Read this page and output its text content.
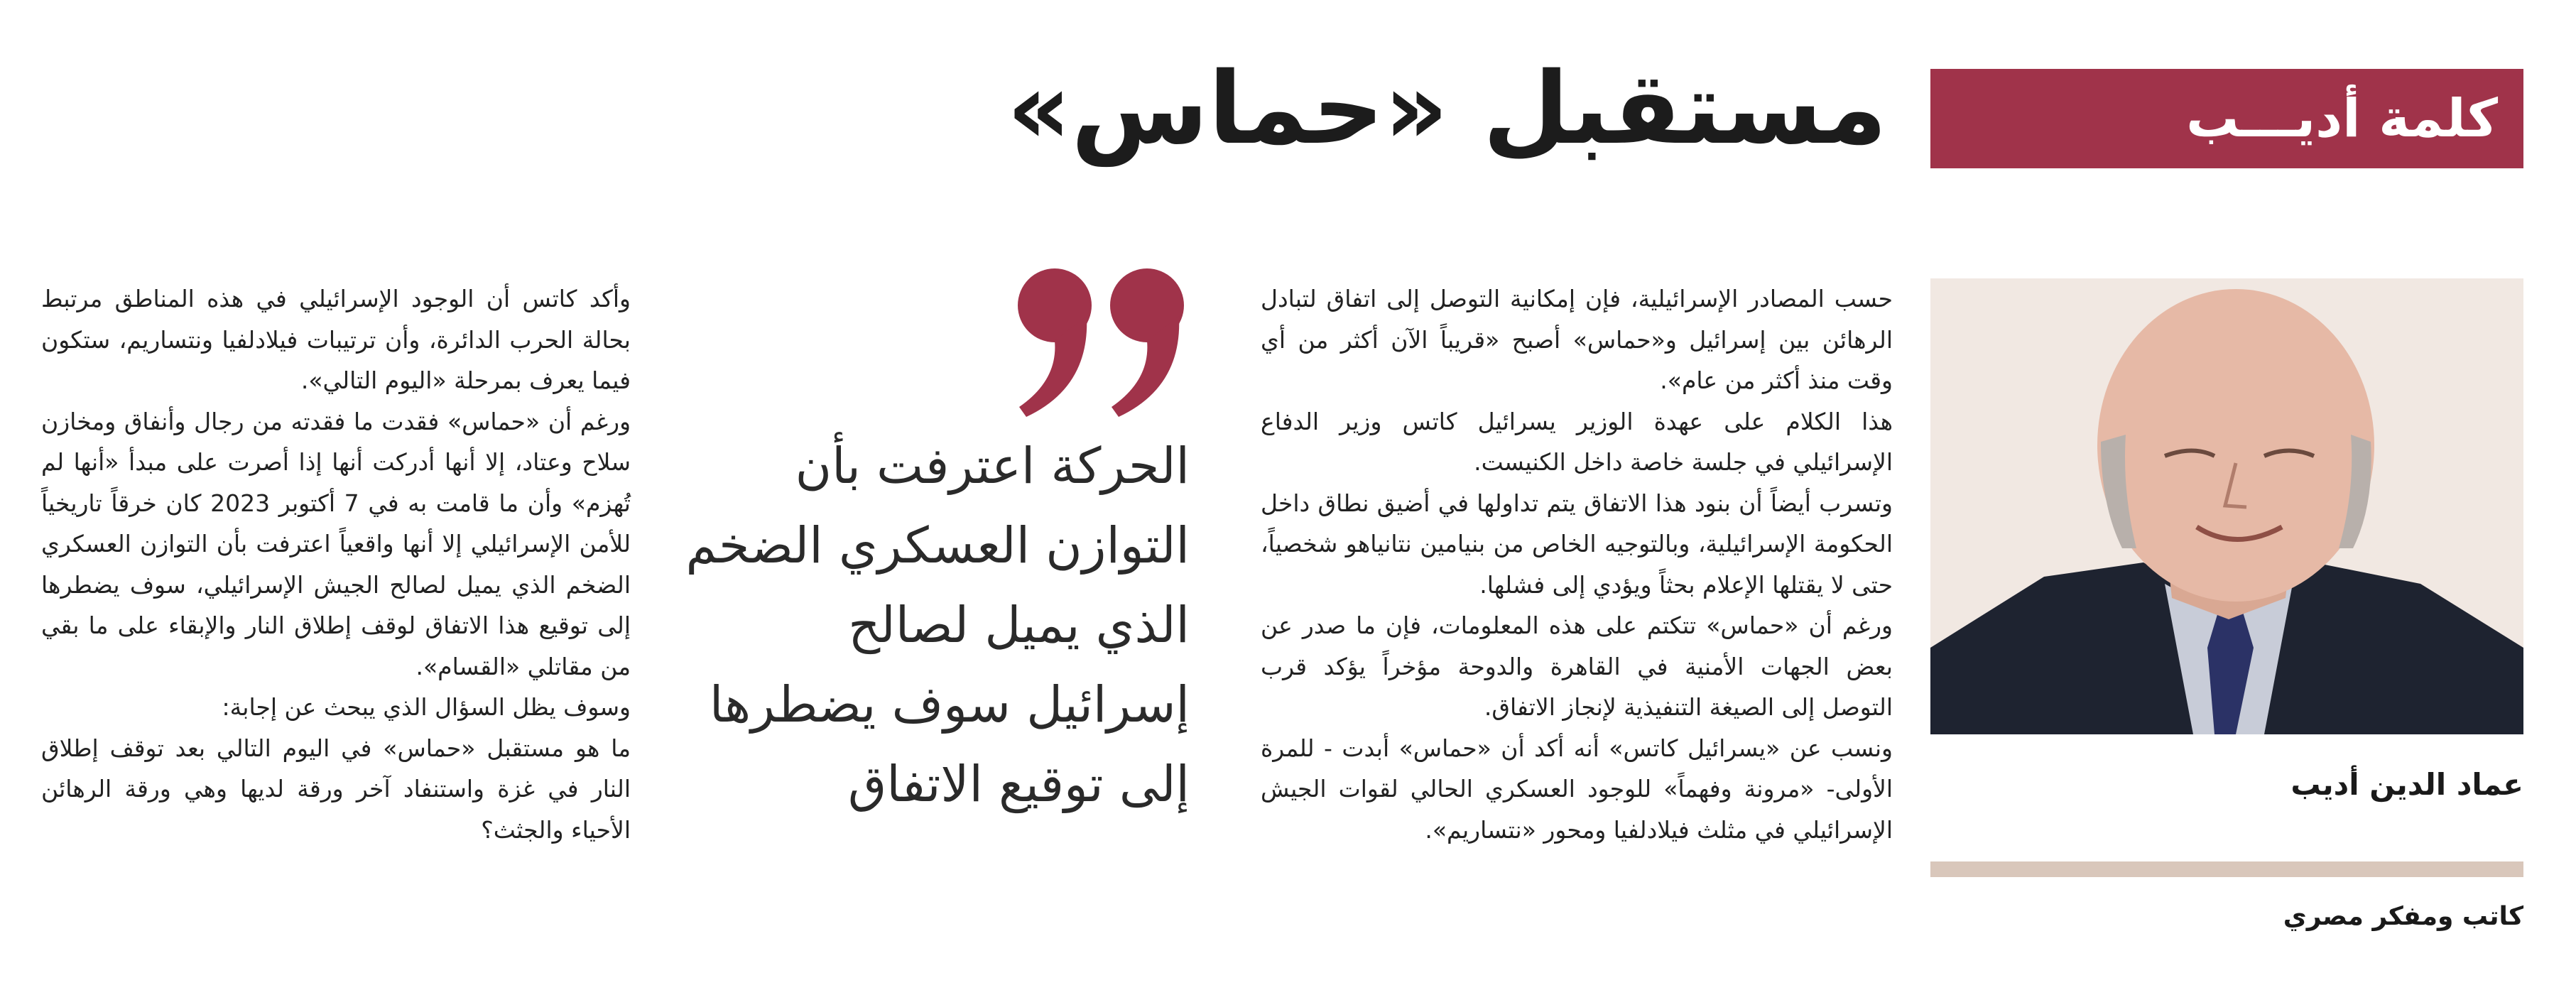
كلمة أديـــب
مستقبل «حماس»
عماد الدين أديب
كاتب ومفكر مصري

حسب المصادر الإسرائيلية، فإن إمكانية التوصل إلى اتفاق لتبادل الرهائن بين إسرائيل و«حماس» أصبح «قريباً الآن أكثر من أي وقت منذ أكثر من عام».

هذا الكلام على عهدة الوزير يسرائيل كاتس وزير الدفاع الإسرائيلي في جلسة خاصة داخل الكنيست.

وتسرب أيضاً أن بنود هذا الاتفاق يتم تداولها في أضيق نطاق داخل الحكومة الإسرائيلية، وبالتوجيه الخاص من بنيامين نتانياهو شخصياً، حتى لا يقتلها الإعلام بحثاً ويؤدي إلى فشلها.

ورغم أن «حماس» تتكتم على هذه المعلومات، فإن ما صدر عن بعض الجهات الأمنية في القاهرة والدوحة مؤخراً يؤكد قرب التوصل إلى الصيغة التنفيذية لإنجاز الاتفاق.

ونسب عن «يسرائيل كاتس» أنه أكد أن «حماس» أبدت - للمرة الأولى- «مرونة وفهماً» للوجود العسكري الحالي لقوات الجيش الإسرائيلي في مثلث فيلادلفيا ومحور «نتساريم».

الحركة اعترفت بأن التوازن العسكري الضخم الذي يميل لصالح إسرائيل سوف يضطرها إلى توقيع الاتفاق

وأكد كاتس أن الوجود الإسرائيلي في هذه المناطق مرتبط بحالة الحرب الدائرة، وأن ترتيبات فيلادلفيا ونتساريم، ستكون فيما يعرف بمرحلة «اليوم التالي».

ورغم أن «حماس» فقدت ما فقدته من رجال وأنفاق ومخازن سلاح وعتاد، إلا أنها أدركت أنها إذا أصرت على مبدأ «أنها لم تُهزم» وأن ما قامت به في 7 أكتوبر 2023 كان خرقاً تاريخياً للأمن الإسرائيلي إلا أنها واقعياً اعترفت بأن التوازن العسكري الضخم الذي يميل لصالح الجيش الإسرائيلي، سوف يضطرها إلى توقيع هذا الاتفاق لوقف إطلاق النار والإبقاء على ما بقي من مقاتلي «القسام».

وسوف يظل السؤال الذي يبحث عن إجابة:

ما هو مستقبل «حماس» في اليوم التالي بعد توقف إطلاق النار في غزة واستنفاد آخر ورقة لديها وهي ورقة الرهائن الأحياء والجثث؟
